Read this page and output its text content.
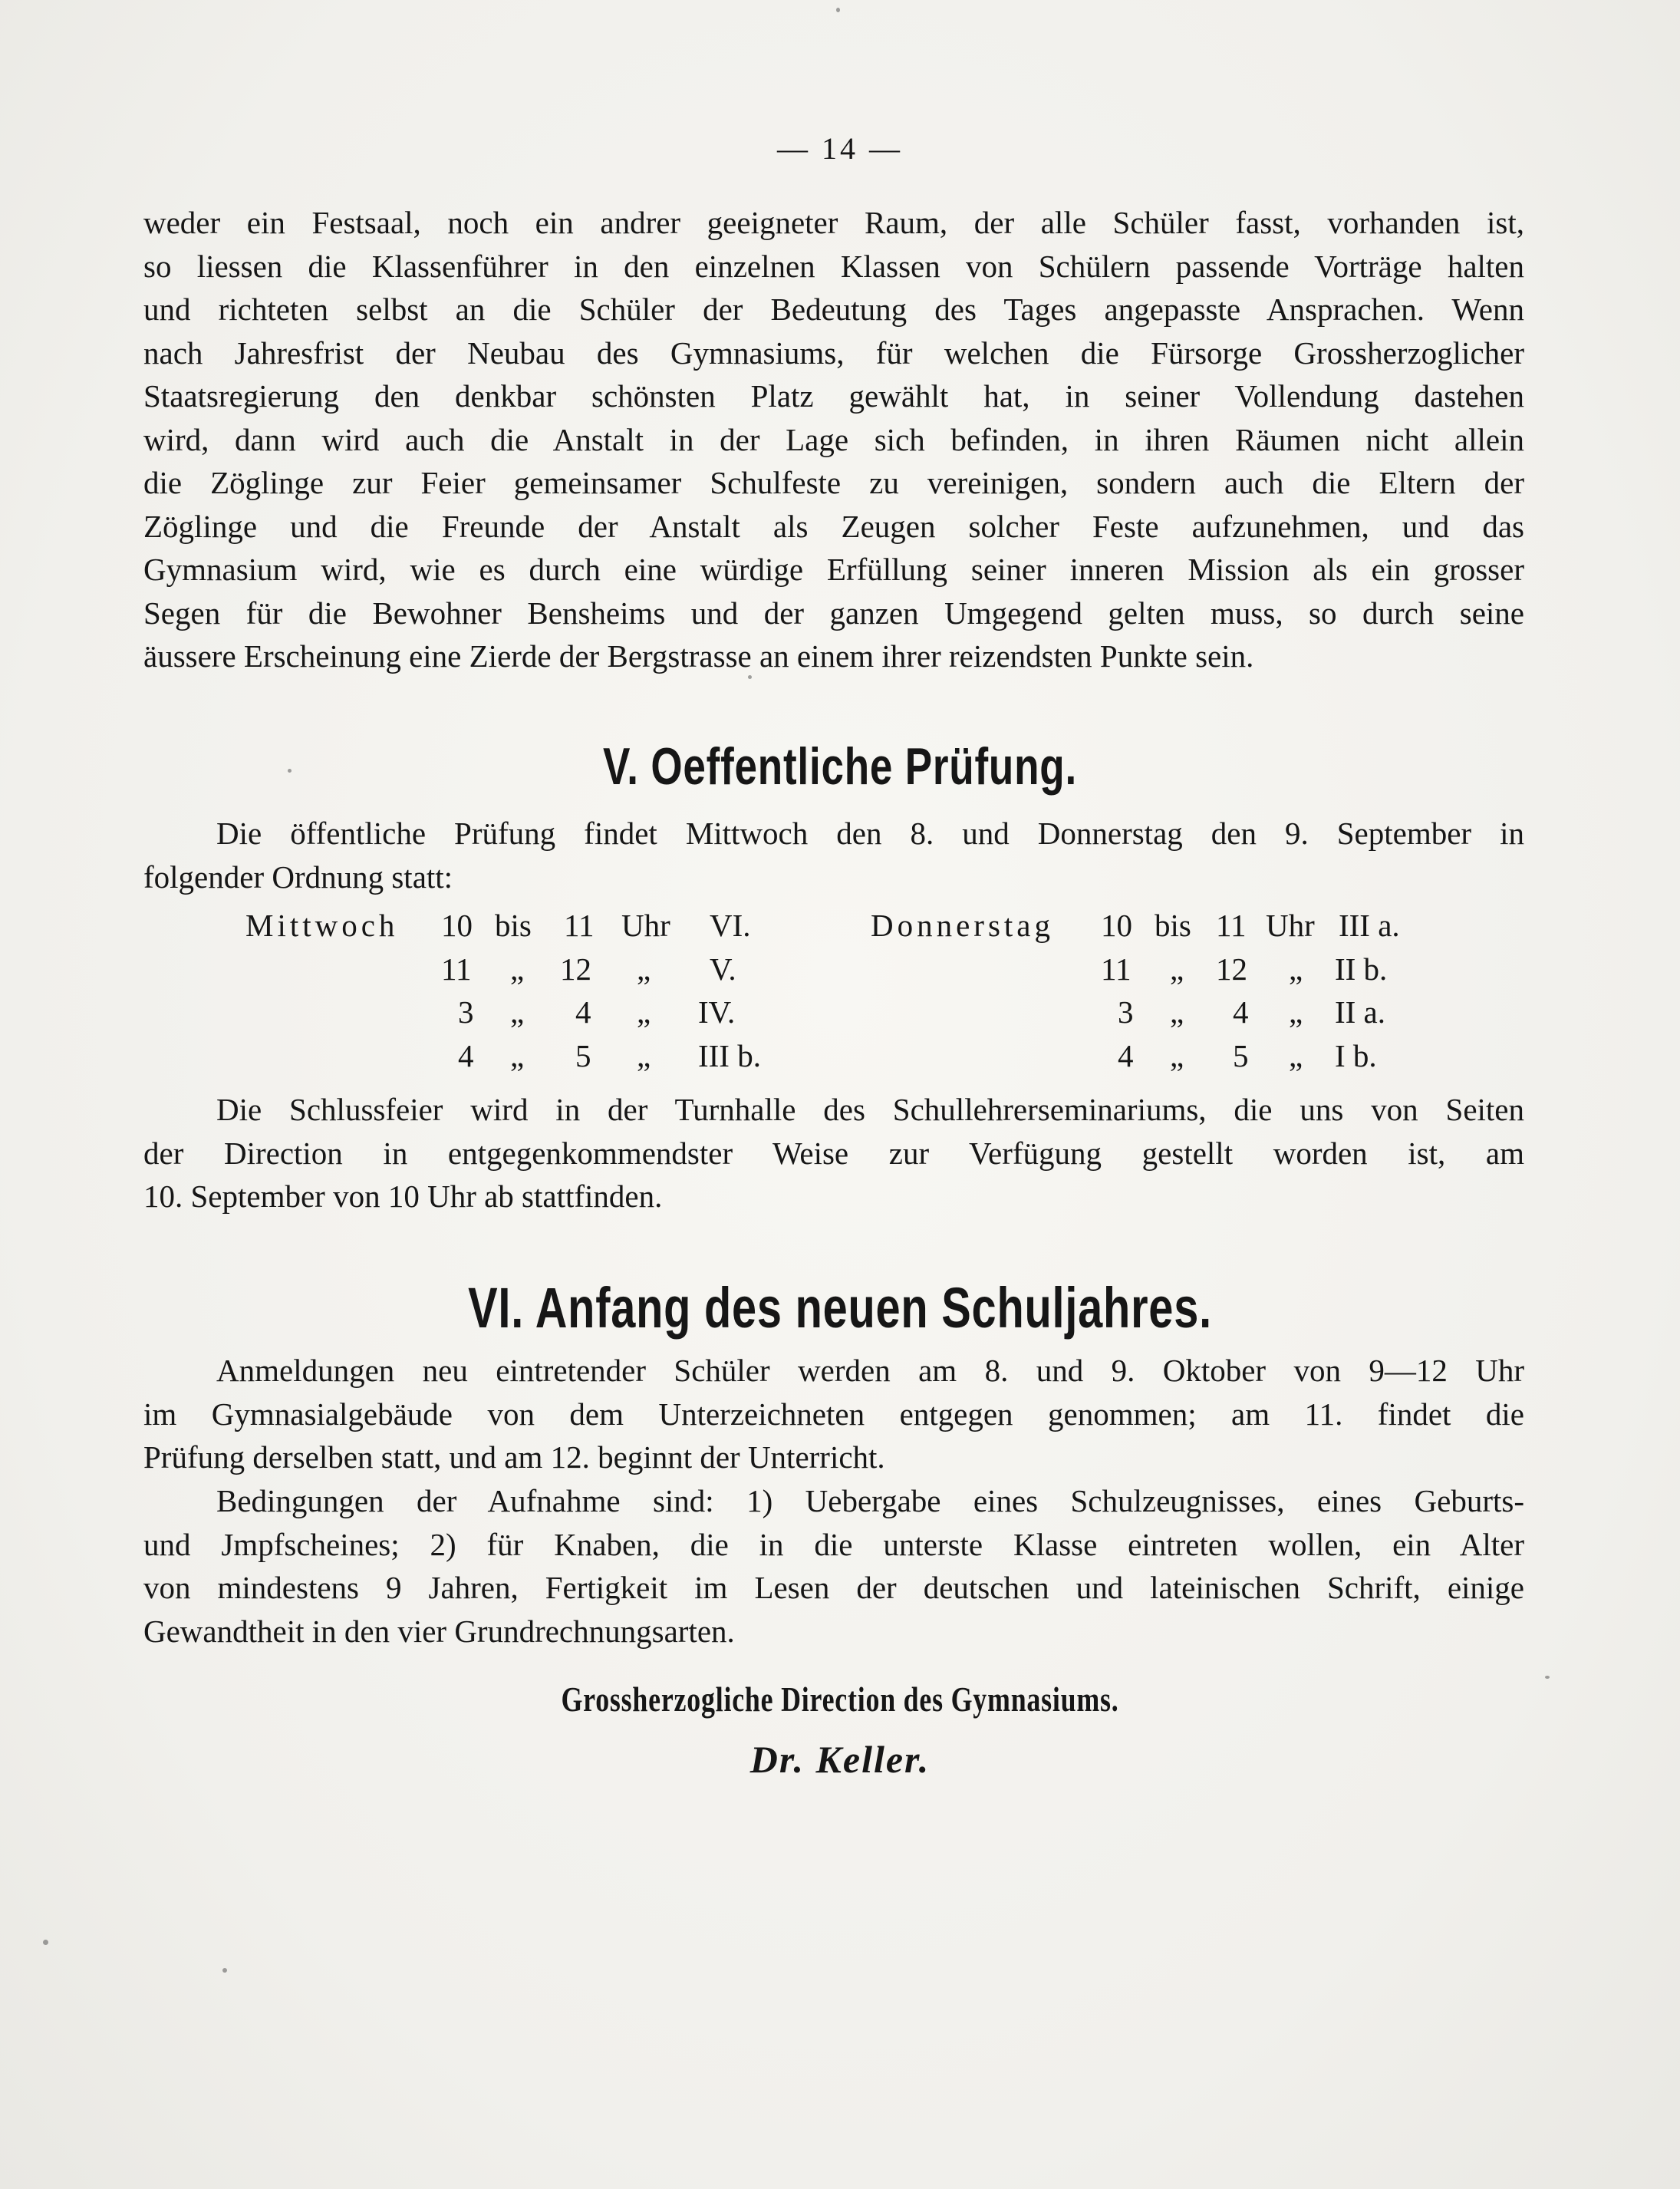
— 14 —
weder ein Festsaal, noch ein andrer geeigneter Raum, der alle Schüler fasst, vorhanden ist,
so liessen die Klassenführer in den einzelnen Klassen von Schülern passende Vorträge halten
und richteten selbst an die Schüler der Bedeutung des Tages angepasste Ansprachen. Wenn
nach Jahresfrist der Neubau des Gymnasiums, für welchen die Fürsorge Grossherzoglicher
Staatsregierung den denkbar schönsten Platz gewählt hat, in seiner Vollendung dastehen
wird, dann wird auch die Anstalt in der Lage sich befinden, in ihren Räumen nicht allein
die Zöglinge zur Feier gemeinsamer Schulfeste zu vereinigen, sondern auch die Eltern der
Zöglinge und die Freunde der Anstalt als Zeugen solcher Feste aufzunehmen, und das
Gymnasium wird, wie es durch eine würdige Erfüllung seiner inneren Mission als ein grosser
Segen für die Bewohner Bensheims und der ganzen Umgegend gelten muss, so durch seine
äussere Erscheinung eine Zierde der Bergstrasse an einem ihrer reizendsten Punkte sein.
V. Oeffentliche Prüfung.
Die öffentliche Prüfung findet Mittwoch den 8. und Donnerstag den 9. September in
folgender Ordnung statt:
Mittwoch 10 bis 11 Uhr VI.
11 „ 12 „ V.
3 „ 4 „ IV.
4 „ 5 „ III b.
Donnerstag 10 bis 11 Uhr III a.
11 „ 12 „ II b.
3 „ 4 „ II a.
4 „ 5 „ I b.
Die Schlussfeier wird in der Turnhalle des Schullehrerseminariums, die uns von Seiten
der Direction in entgegenkommendster Weise zur Verfügung gestellt worden ist, am
10. September von 10 Uhr ab stattfinden.
VI. Anfang des neuen Schuljahres.
Anmeldungen neu eintretender Schüler werden am 8. und 9. Oktober von 9—12 Uhr
im Gymnasialgebäude von dem Unterzeichneten entgegen genommen; am 11. findet die
Prüfung derselben statt, und am 12. beginnt der Unterricht.
Bedingungen der Aufnahme sind: 1) Uebergabe eines Schulzeugnisses, eines Geburts-
und Jmpfscheines; 2) für Knaben, die in die unterste Klasse eintreten wollen, ein Alter
von mindestens 9 Jahren, Fertigkeit im Lesen der deutschen und lateinischen Schrift, einige
Gewandtheit in den vier Grundrechnungsarten.
Grossherzogliche Direction des Gymnasiums.
Dr. Keller.
